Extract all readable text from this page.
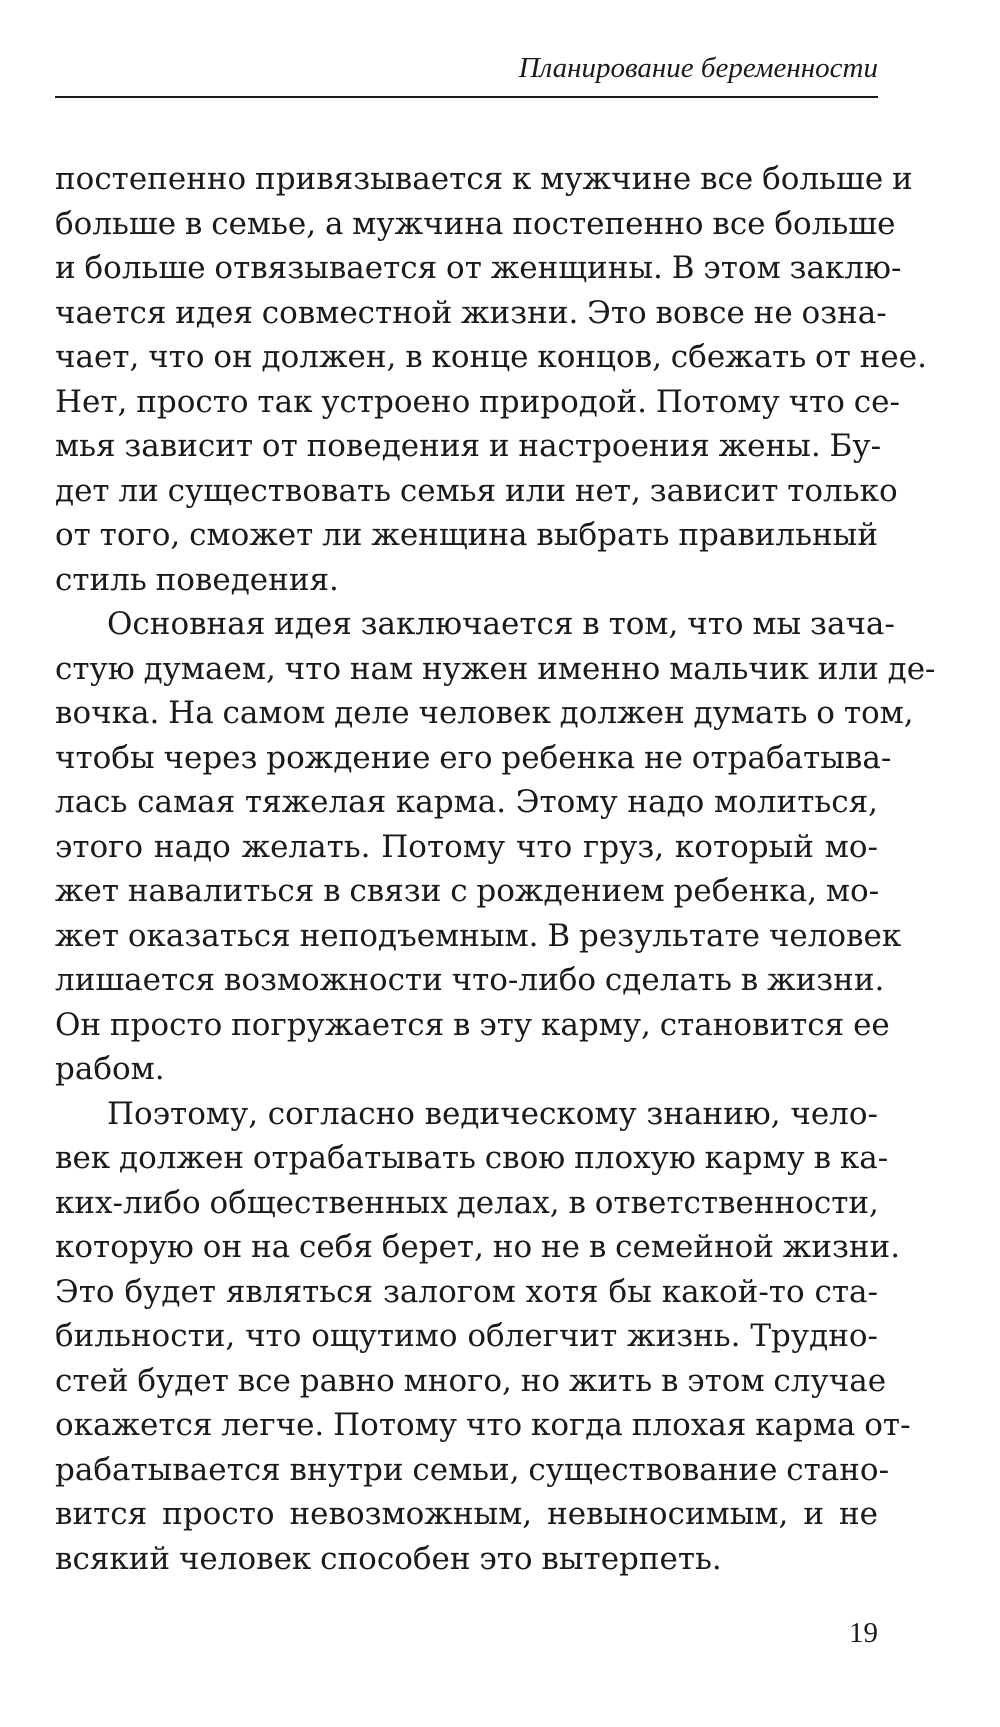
Планирование беременности
постепенно привязывается к мужчине все больше и
больше в семье, а мужчина постепенно все больше
и больше отвязывается от женщины. В этом заклю-
чается идея совместной жизни. Это вовсе не озна-
чает, что он должен, в конце концов, сбежать от нее.
Нет, просто так устроено природой. Потому что се-
мья зависит от поведения и настроения жены. Бу-
дет ли существовать семья или нет, зависит только
от того, сможет ли женщина выбрать правильный
стиль поведения.
Основная идея заключается в том, что мы зача-
стую думаем, что нам нужен именно мальчик или де-
вочка. На самом деле человек должен думать о том,
чтобы через рождение его ребенка не отрабатыва-
лась самая тяжелая карма. Этому надо молиться,
этого надо желать. Потому что груз, который мо-
жет навалиться в связи с рождением ребенка, мо-
жет оказаться неподъемным. В результате человек
лишается возможности что-либо сделать в жизни.
Он просто погружается в эту карму, становится ее
рабом.
Поэтому, согласно ведическому знанию, чело-
век должен отрабатывать свою плохую карму в ка-
ких-либо общественных делах, в ответственности,
которую он на себя берет, но не в семейной жизни.
Это будет являться залогом хотя бы какой-то ста-
бильности, что ощутимо облегчит жизнь. Трудно-
стей будет все равно много, но жить в этом случае
окажется легче. Потому что когда плохая карма от-
рабатывается внутри семьи, существование стано-
вится просто невозможным, невыносимым, и не
всякий человек способен это вытерпеть.
19
